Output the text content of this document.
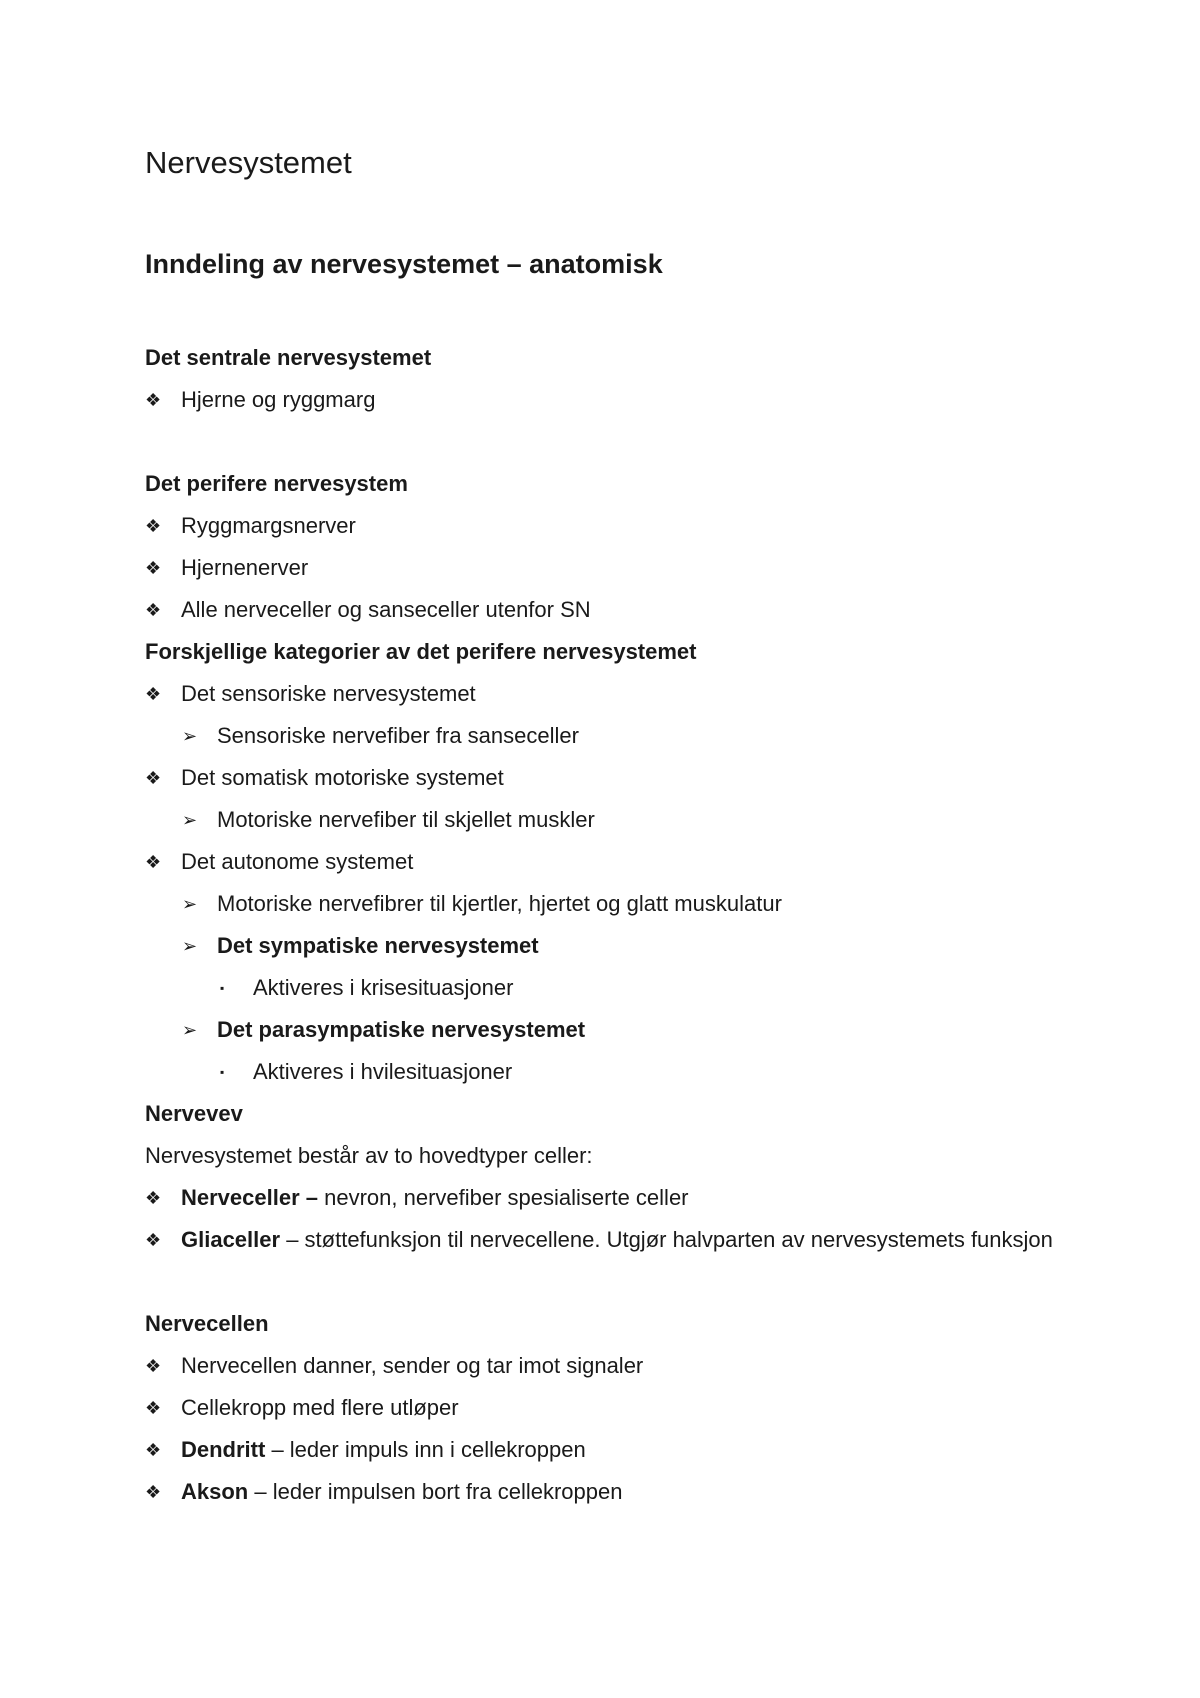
Nervesystemet
Inndeling av nervesystemet – anatomisk
Det sentrale nervesystemet
❖ Hjerne og ryggmarg
Det perifere nervesystem
❖ Ryggmargsnerver
❖ Hjernenerver
❖ Alle nerveceller og sanseceller utenfor SN
Forskjellige kategorier av det perifere nervesystemet
❖ Det sensoriske nervesystemet
➢ Sensoriske nervefiber fra sanseceller
❖ Det somatisk motoriske systemet
➢ Motoriske nervefiber til skjellet muskler
❖ Det autonome systemet
➢ Motoriske nervefibrer til kjertler, hjertet og glatt muskulatur
➢ Det sympatiske nervesystemet
▪ Aktiveres i krisesituasjoner
➢ Det parasympatiske nervesystemet
▪ Aktiveres i hvilesituasjoner
Nervevev
Nervesystemet består av to hovedtyper celler:
❖ Nerveceller – nevron, nervefiber spesialiserte celler
❖ Gliaceller – støttefunksjon til nervecellene. Utgjør halvparten av nervesystemets funksjon
Nervecellen
❖ Nervecellen danner, sender og tar imot signaler
❖ Cellekropp med flere utløper
❖ Dendritt – leder impuls inn i cellekroppen
❖ Akson – leder impulsen bort fra cellekroppen
